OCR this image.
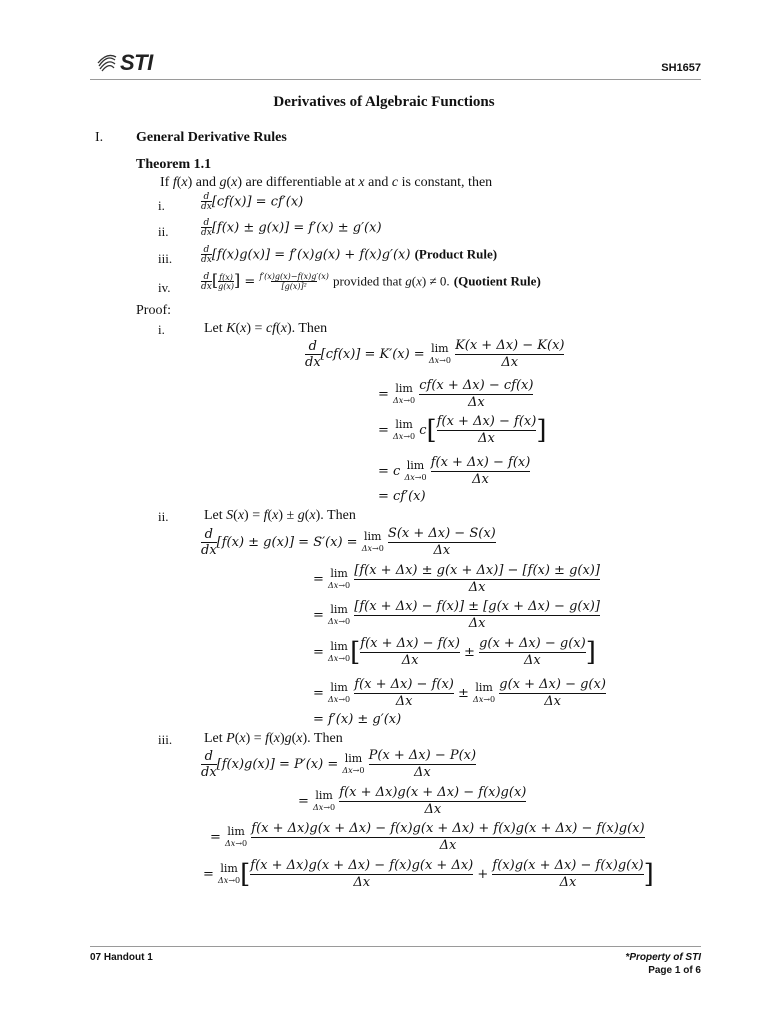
STI	SH1657
Derivatives of Algebraic Functions
I. General Derivative Rules
Theorem 1.1
If f(x) and g(x) are differentiable at x and c is constant, then
i.
d
dx[cf(x)] = cf′(x)
ii.
d
dx[f(x) ± g(x)] = f′(x) ± g′(x)
iii.
d
dx[f(x)g(x)] = f′(x)g(x) + f(x)g′(x) (Product Rule)
iv.
d
dx[f(x)
g(x)] = f′(x)g(x)−f(x)g′(x)
[g(x)]² provided that g(x) ≠ 0. (Quotient Rule)
Proof:
i.	Let K(x) = cf(x). Then
d
dx[cf(x)] = K′(x) = lim
Δx→0 K(x + Δx) − K(x)

Δx
= lim
Δx→0 cf(x + Δx) − cf(x)

Δx
= lim
Δx→0 c[f(x + Δx) − f(x)

Δx	]
= c lim
Δx→0 f(x + Δx) − f(x)

Δx
= cf′(x)
ii.	Let S(x) = f(x) ± g(x). Then
d
dx[f(x) ± g(x)] = S′(x) = lim
Δx→0 S(x + Δx) − S(x)

Δx
= lim
Δx→0 [f(x + Δx) ± g(x + Δx)] − [f(x) ± g(x)]

Δx
= lim
Δx→0 [f(x + Δx) − f(x)] ± [g(x + Δx) − g(x)]

Δx
= lim
Δx→0[f(x + Δx) − f(x)

Δx
± g(x + Δx) − g(x)

Δx	]
= lim
Δx→0 f(x + Δx) − f(x)

Δx
± lim
Δx→0 g(x + Δx) − g(x)

Δx
= f′(x) ± g′(x)
iii. Let P(x) = f(x)g(x). Then
d
dx[f(x)g(x)] = P′(x) = lim
Δx→0 P(x + Δx) − P(x)

Δx
= lim
Δx→0 f(x + Δx)g(x + Δx) − f(x)g(x)

Δx
= lim
Δx→0 f(x + Δx)g(x + Δx) − f(x)g(x + Δx) + f(x)g(x + Δx) − f(x)g(x)

Δx
= lim
Δx→0[f(x + Δx)g(x + Δx) − f(x)g(x + Δx)

Δx
+ f(x)g(x + Δx) − f(x)g(x)

Δx	]
07 Handout 1	*Property of STI
Page 1 of 6
